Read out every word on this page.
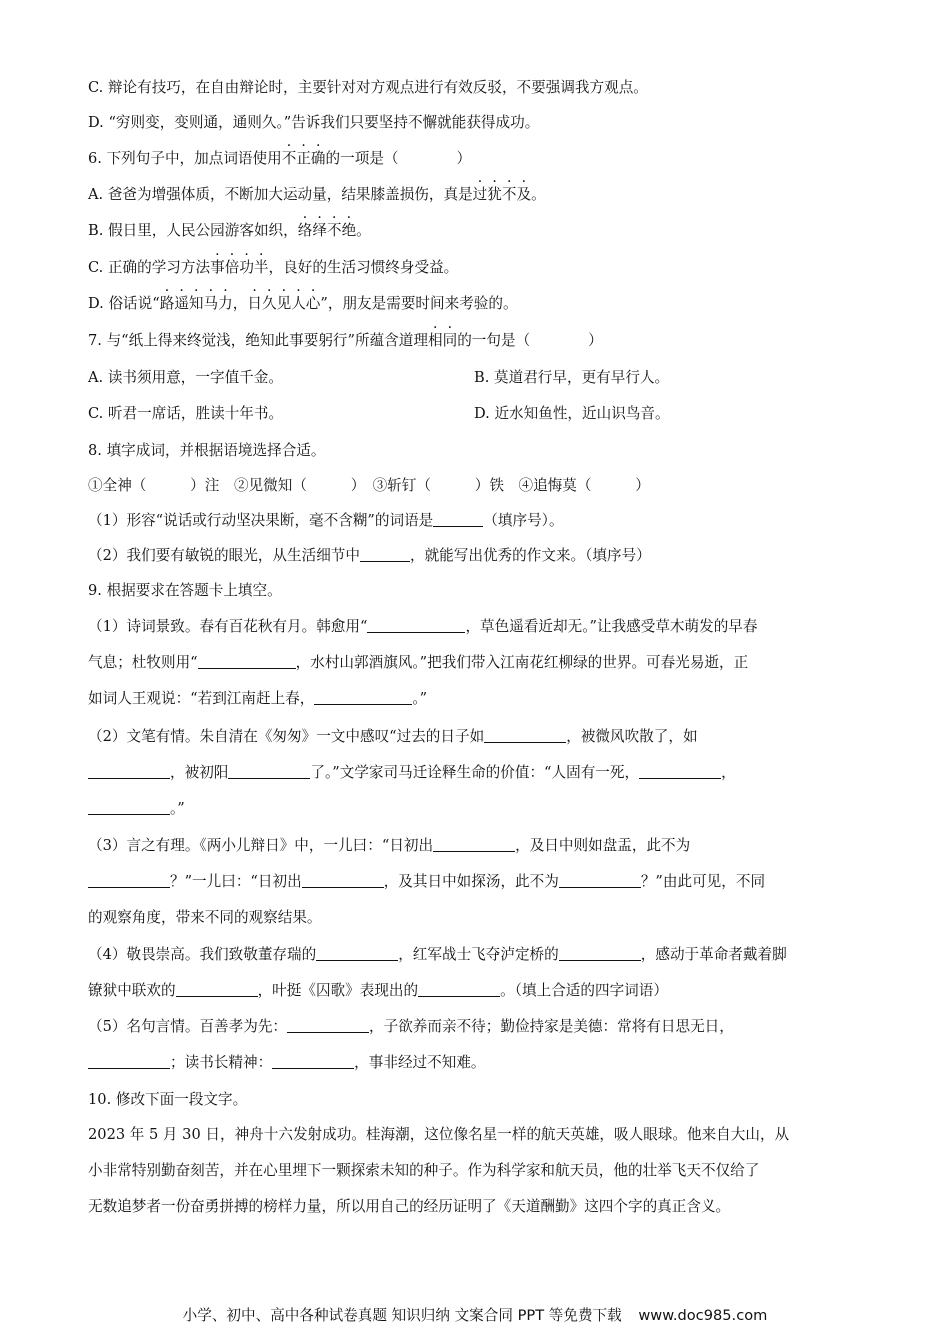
C. 辩论有技巧，在自由辩论时，主要针对对方观点进行有效反驳，不要强调我方观点。
D. “穷则变，变则通，通则久。”告诉我们只要坚持不懈就能获得成功。
6. 下列句子中，加点词语使用不正确的一项是（	）
A. 爸爸为增强体质，不断加大运动量，结果膝盖损伤，真是过犹不及。
B. 假日里，人民公园游客如织，络绎不绝。
C. 正确的学习方法事倍功半，良好的生活习惯终身受益。
D. 俗话说“路遥知马力，日久见人心”，朋友是需要时间来考验的。
7. 与“纸上得来终觉浅，绝知此事要躬行”所蕴含道理相同的一句是（	）
A. 读书须用意，一字值千金。	B. 莫道君行早，更有早行人。
C. 听君一席话，胜读十年书。	D. 近水知鱼性，近山识鸟音。
8. 填字成词，并根据语境选择合适。
①全神（　　　）注　②见微知（　　　）　③斩钉（　　　）铁　④追悔莫（　　　）
（1）形容“说话或行动坚决果断，毫不含糊”的词语是	（填序号）。
（2）我们要有敏锐的眼光，从生活细节中	，就能写出优秀的作文来。（填序号）
9. 根据要求在答题卡上填空。
（1）诗词景致。春有百花秋有月。韩愈用“	，草色遥看近却无。”让我感受草木萌发的早春
气息；杜牧则用“	，水村山郭酒旗风。”把我们带入江南花红柳绿的世界。可春光易逝，正
如词人王观说：“若到江南赶上春，	。”
（2）文笔有情。朱自清在《匆匆》一文中感叹“过去的日子如	，被微风吹散了，如
，被初阳	了。”文学家司马迁诠释生命的价值：“人固有一死，	，
。”
（3）言之有理。《两小儿辩日》中，一儿曰：“日初出	，及日中则如盘盂，此不为
？”一儿曰：“日初出	，及其日中如探汤，此不为	？”由此可见，不同
的观察角度，带来不同的观察结果。
（4）敬畏崇高。我们致敬董存瑞的	，红军战士飞夺泸定桥的	，感动于革命者戴着脚
镣狱中联欢的	，叶挺《囚歌》表现出的	。（填上合适的四字词语）
（5）名句言情。百善孝为先：	，子欲养而亲不待；勤俭持家是美德：常将有日思无日，
；读书长精神：	，事非经过不知难。
10. 修改下面一段文字。
2023 年 5 月 30 日，神舟十六发射成功。桂海潮，这位像名星一样的航天英雄，吸人眼球。他来自大山，从
小非常特别勤奋刻苦，并在心里埋下一颗探索未知的种子。作为科学家和航天员，他的壮举飞天不仅给了
无数追梦者一份奋勇拼搏的榜样力量，所以用自己的经历证明了《天道酬勤》这四个字的真正含义。
小学、初中、高中各种试卷真题 知识归纳 文案合同 PPT 等免费下载 www.doc985.com
